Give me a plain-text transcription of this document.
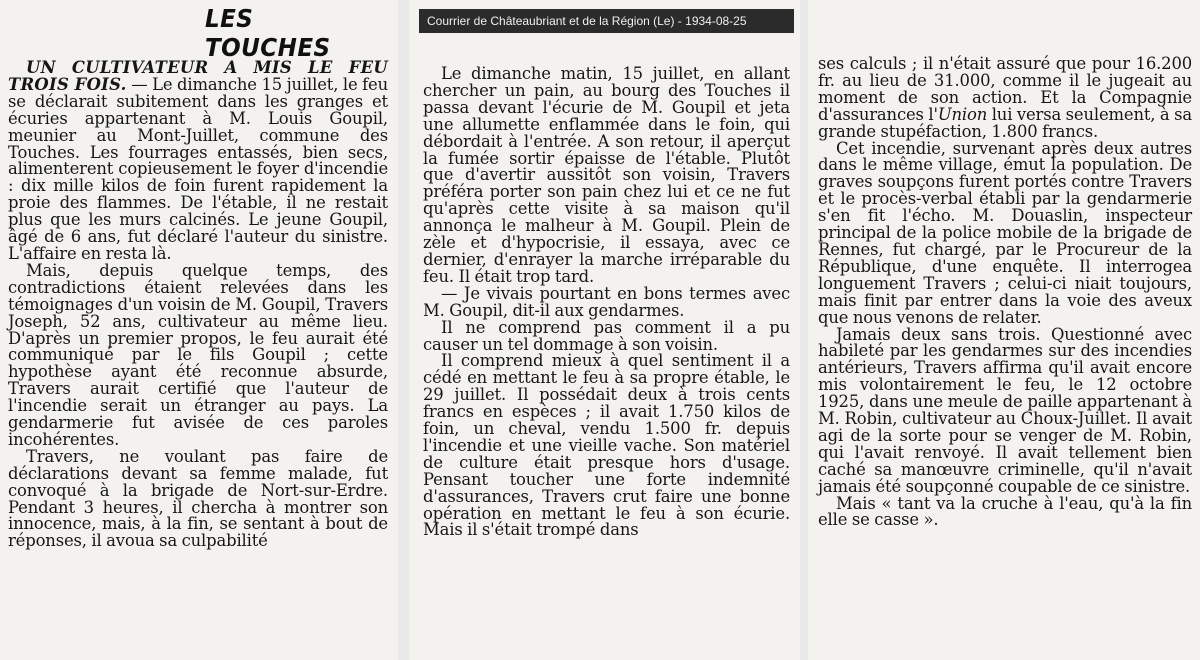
LES TOUCHES

UN CULTIVATEUR A MIS LE FEU TROIS FOIS. — Le dimanche 15 juillet, le feu se déclarait subitement dans les granges et écuries appartenant à M. Louis Goupil, meunier au Mont-Juillet, commune des Touches. Les fourrages entassés, bien secs, alimenterent copieusement le foyer d'incendie : dix mille kilos de foin furent rapidement la proie des flammes. De l'étable, il ne restait plus que les murs calcinés. Le jeune Goupil, âgé de 6 ans, fut déclaré l'auteur du sinistre. L'affaire en resta là.

Mais, depuis quelque temps, des contradictions étaient relevées dans les témoignages d'un voisin de M. Goupil, Travers Joseph, 52 ans, cultivateur au même lieu. D'après un premier propos, le feu aurait été communiqué par le fils Goupil ; cette hypothèse ayant été reconnue absurde, Travers aurait certifié que l'auteur de l'incendie serait un étranger au pays. La gendarmerie fut avisée de ces paroles incohérentes.

Travers, ne voulant pas faire de déclarations devant sa femme malade, fut convoqué à la brigade de Nort-sur-Erdre. Pendant 3 heures, il chercha à montrer son innocence, mais, à la fin, se sentant à bout de réponses, il avoua sa culpabilité

Le dimanche matin, 15 juillet, en allant chercher un pain, au bourg des Touches il passa devant l'écurie de M. Goupil et jeta une allumette enflammée dans le foin, qui débordait à l'entrée. A son retour, il aperçut la fumée sortir épaisse de l'étable. Plutôt que d'avertir aussitôt son voisin, Travers préféra porter son pain chez lui et ce ne fut qu'après cette visite à sa maison qu'il annonça le malheur à M. Goupil. Plein de zèle et d'hypocrisie, il essaya, avec ce dernier, d'enrayer la marche irréparable du feu. Il était trop tard.

— Je vivais pourtant en bons termes avec M. Goupil, dit-il aux gendarmes.

Il ne comprend pas comment il a pu causer un tel dommage à son voisin.

Il comprend mieux à quel sentiment il a cédé en mettant le feu à sa propre étable, le 29 juillet. Il possédait deux à trois cents francs en espèces ; il avait 1.750 kilos de foin, un cheval, vendu 1.500 fr. depuis l'incendie et une vieille vache. Son matériel de culture était presque hors d'usage. Pensant toucher une forte indemnité d'assurances, Travers crut faire une bonne opération en mettant le feu à son écurie. Mais il s'était trompé dans

ses calculs ; il n'était assuré que pour 16.200 fr. au lieu de 31.000, comme il le jugeait au moment de son action. Et la Compagnie d'assurances l'Union lui versa seulement, à sa grande stupéfaction, 1.800 francs.

Cet incendie, survenant après deux autres dans le même village, émut la population. De graves soupçons furent portés contre Travers et le procès-verbal établi par la gendarmerie s'en fit l'écho. M. Douaslin, inspecteur principal de la police mobile de la brigade de Rennes, fut chargé, par le Procureur de la République, d'une enquête. Il interrogea longuement Travers ; celui-ci niait toujours, mais finit par entrer dans la voie des aveux que nous venons de relater.

Jamais deux sans trois. Questionné avec habileté par les gendarmes sur des incendies antérieurs, Travers affirma qu'il avait encore mis volontairement le feu, le 12 octobre 1925, dans une meule de paille appartenant à M. Robin, cultivateur au Choux-Juillet. Il avait agi de la sorte pour se venger de M. Robin, qui l'avait renvoyé. Il avait tellement bien caché sa manœuvre criminelle, qu'il n'avait jamais été soupçonné coupable de ce sinistre.

Mais « tant va la cruche à l'eau, qu'à la fin elle se casse ».

Courrier de Châteaubriant et de la Région (Le) - 1934-08-25
